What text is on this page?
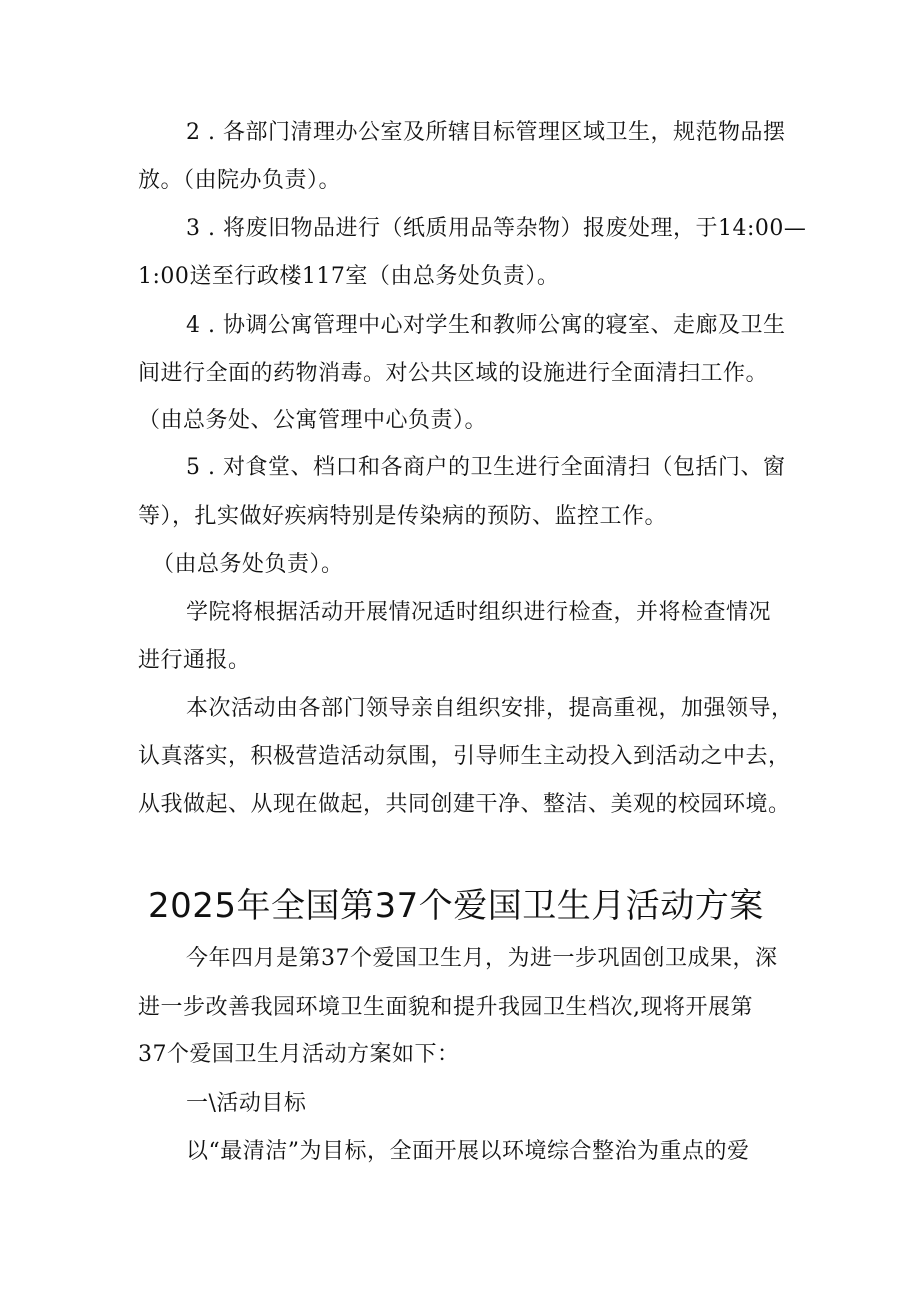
2 . 各部门清理办公室及所辖目标管理区域卫生，规范物品摆
放。（由院办负责）。
3 . 将废旧物品进行（纸质用品等杂物）报废处理，于14:00—
1:00送至行政楼117室（由总务处负责）。
4 . 协调公寓管理中心对学生和教师公寓的寝室、走廊及卫生
间进行全面的药物消毒。对公共区域的设施进行全面清扫工作。
（由总务处、公寓管理中心负责）。
5 . 对食堂、档口和各商户的卫生进行全面清扫（包括门、窗
等），扎实做好疾病特别是传染病的预防、监控工作。
（由总务处负责）。
学院将根据活动开展情况适时组织进行检查，并将检查情况
进行通报。
本次活动由各部门领导亲自组织安排，提高重视，加强领导，
认真落实，积极营造活动氛围，引导师生主动投入到活动之中去，
从我做起、从现在做起，共同创建干净、整洁、美观的校园环境。
2025年全国第37个爱国卫生月活动方案
今年四月是第37个爱国卫生月，为进一步巩固创卫成果，深
进一步改善我园环境卫生面貌和提升我园卫生档次,现将开展第
37个爱国卫生月活动方案如下：
一\活动目标
以“最清洁”为目标，全面开展以环境综合整治为重点的爱
